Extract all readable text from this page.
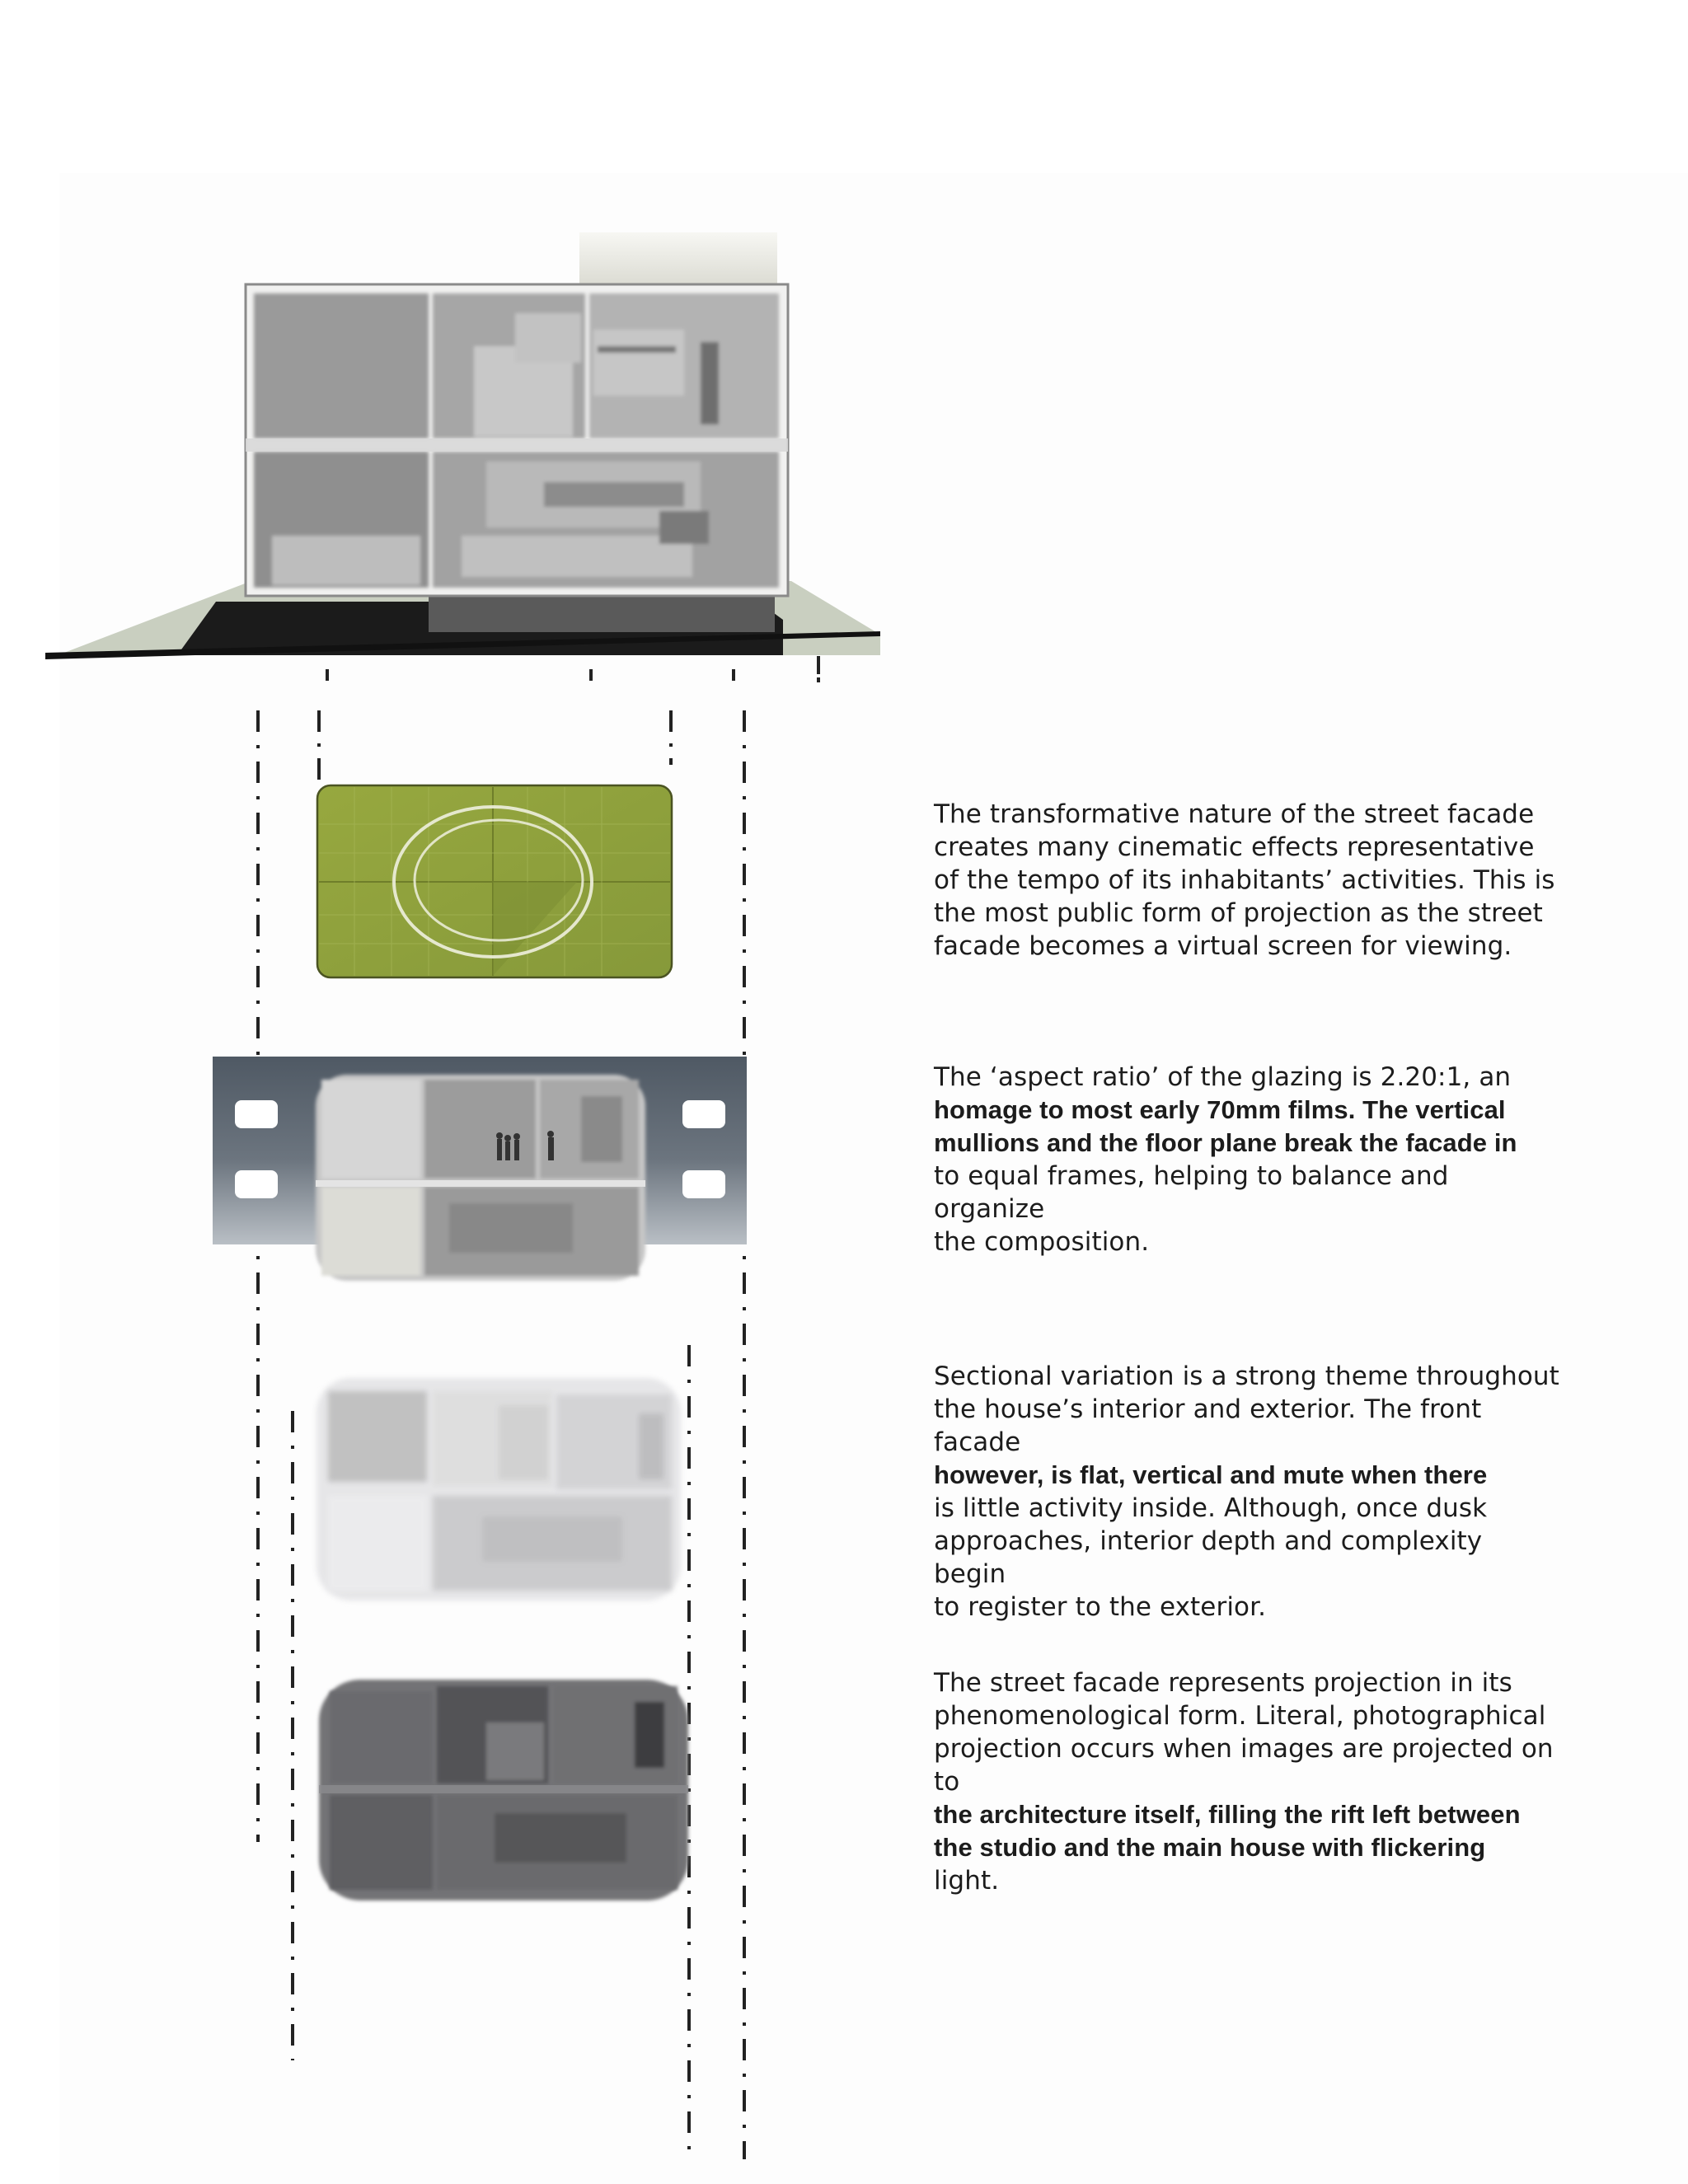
The transformative nature of the street facade
creates many cinematic effects representative
of the tempo of its inhabitants’ activities. This is
the most public form of projection as the street
facade becomes a virtual screen for viewing.
The ‘aspect ratio’ of the glazing is 2.20:1, an
homage to most early 70mm films. The vertical
mullions and the floor plane break the facade in
to equal frames, helping to balance and organize
the composition.
Sectional variation is a strong theme throughout
the house’s interior and exterior. The front facade
however, is flat, vertical and mute when there
is little activity inside. Although, once dusk
approaches, interior depth and complexity begin
to register to the exterior.
The street facade represents projection in its
phenomenological form. Literal, photographical
projection occurs when images are projected on to
the architecture itself, filling the rift left between
the studio and the main house with flickering
light.
